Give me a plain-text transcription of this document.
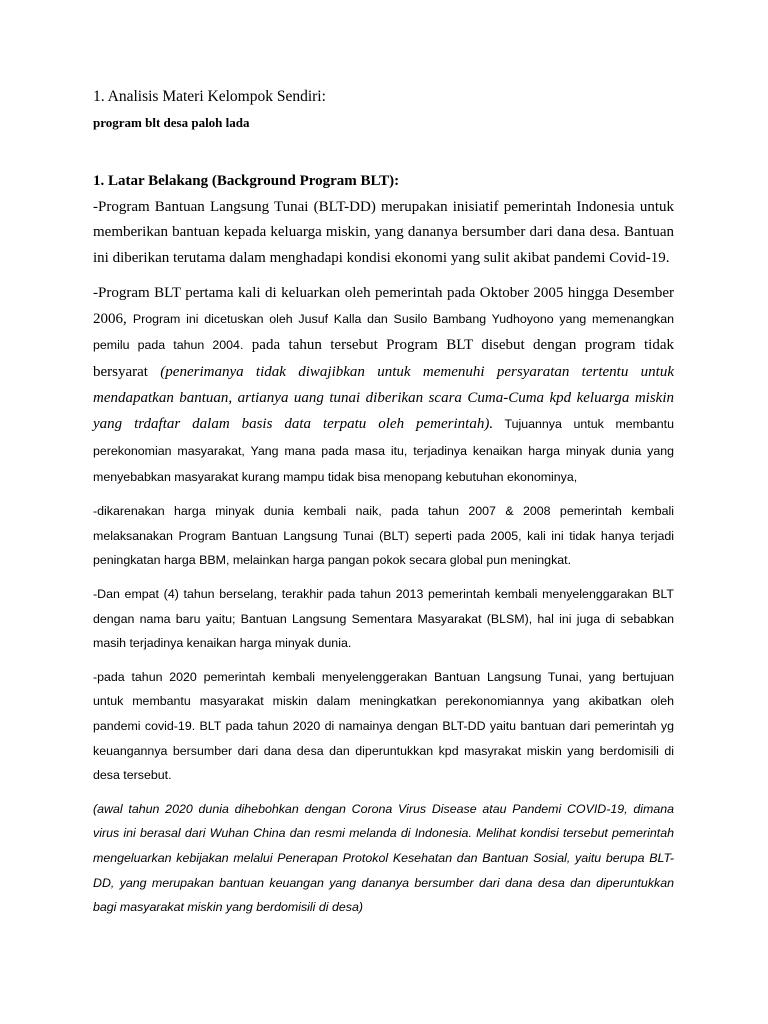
1. Analisis Materi Kelompok Sendiri:

program blt desa paloh lada

1. Latar Belakang (Background Program BLT):

-Program Bantuan Langsung Tunai (BLT-DD) merupakan inisiatif pemerintah Indonesia untuk memberikan bantuan kepada keluarga miskin, yang dananya bersumber dari dana desa. Bantuan ini diberikan terutama dalam menghadapi kondisi ekonomi yang sulit akibat pandemi Covid-19.

-Program BLT pertama kali di keluarkan oleh pemerintah pada Oktober 2005 hingga Desember 2006, Program ini dicetuskan oleh Jusuf Kalla dan Susilo Bambang Yudhoyono yang memenangkan pemilu pada tahun 2004. pada tahun tersebut Program BLT disebut dengan program tidak bersyarat (penerimanya tidak diwajibkan untuk memenuhi persyaratan tertentu untuk mendapatkan bantuan, artianya uang tunai diberikan scara Cuma-Cuma kpd keluarga miskin yang trdaftar dalam basis data terpatu oleh pemerintah). Tujuannya untuk membantu perekonomian masyarakat, Yang mana pada masa itu, terjadinya kenaikan harga minyak dunia yang menyebabkan masyarakat kurang mampu tidak bisa menopang kebutuhan ekonominya,

-dikarenakan harga minyak dunia kembali naik, pada tahun 2007 & 2008 pemerintah kembali melaksanakan Program Bantuan Langsung Tunai (BLT) seperti pada 2005, kali ini tidak hanya terjadi peningkatan harga BBM, melainkan harga pangan pokok secara global pun meningkat.

-Dan empat (4) tahun berselang, terakhir pada tahun 2013 pemerintah kembali menyelenggarakan BLT dengan nama baru yaitu; Bantuan Langsung Sementara Masyarakat (BLSM), hal ini juga di sebabkan masih terjadinya kenaikan harga minyak dunia.

-pada tahun 2020 pemerintah kembali menyelenggerakan Bantuan Langsung Tunai, yang bertujuan untuk membantu masyarakat miskin dalam meningkatkan perekonomiannya yang akibatkan oleh pandemi covid-19. BLT pada tahun 2020 di namainya dengan BLT-DD yaitu bantuan dari pemerintah yg keuangannya bersumber dari dana desa dan diperuntukkan kpd masyrakat miskin yang berdomisili di desa tersebut.

(awal tahun 2020 dunia dihebohkan dengan Corona Virus Disease atau Pandemi COVID-19, dimana virus ini berasal dari Wuhan China dan resmi melanda di Indonesia. Melihat kondisi tersebut pemerintah mengeluarkan kebijakan melalui Penerapan Protokol Kesehatan dan Bantuan Sosial, yaitu berupa BLT-DD, yang merupakan bantuan keuangan yang dananya bersumber dari dana desa dan diperuntukkan bagi masyarakat miskin yang berdomisili di desa)
